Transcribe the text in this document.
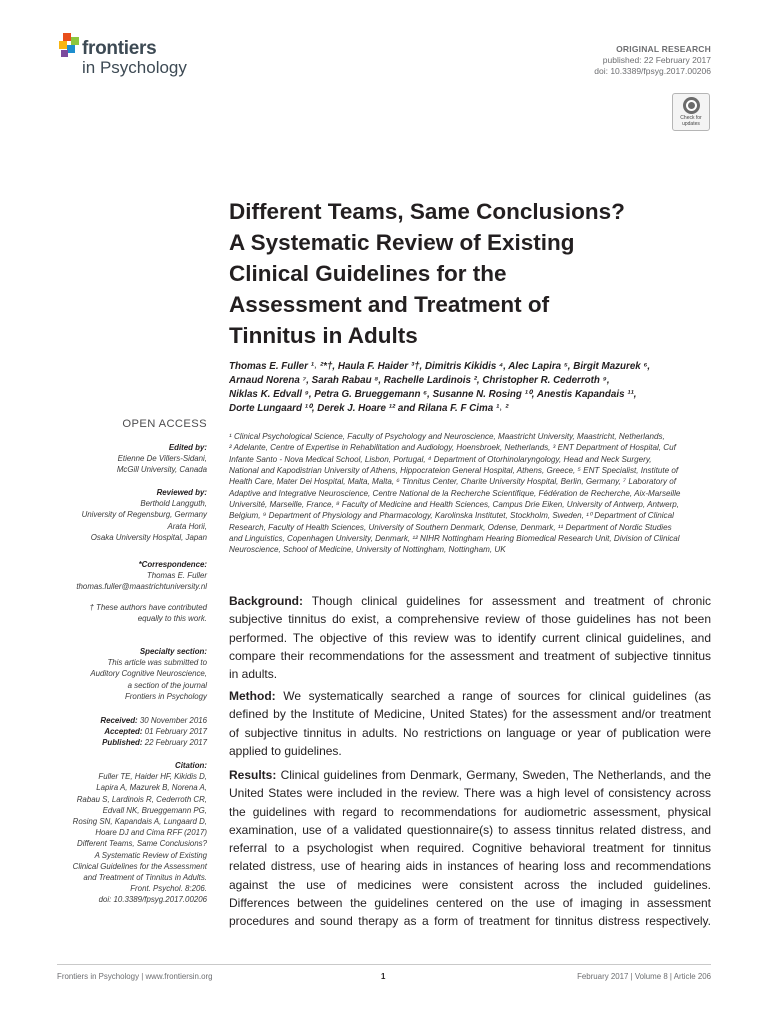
frontiers
in Psychology
ORIGINAL RESEARCH
published: 22 February 2017
doi: 10.3389/fpsyg.2017.00206
Check for
updates
Different Teams, Same Conclusions?
A Systematic Review of Existing
Clinical Guidelines for the
Assessment and Treatment of
Tinnitus in Adults
Thomas E. Fuller ¹˒ ²*†, Haula F. Haider ³†, Dimitris Kikidis ⁴, Alec Lapira ⁵, Birgit Mazurek ⁶,
Arnaud Norena ⁷, Sarah Rabau ⁸, Rachelle Lardinois ², Christopher R. Cederroth ⁹,
Niklas K. Edvall ⁹, Petra G. Brueggemann ⁶, Susanne N. Rosing ¹⁰, Anestis Kapandais ¹¹,
Dorte Lungaard ¹⁰, Derek J. Hoare ¹² and Rilana F. F Cima ¹˒ ²
¹ Clinical Psychological Science, Faculty of Psychology and Neuroscience, Maastricht University, Maastricht, Netherlands,
² Adelante, Centre of Expertise in Rehabilitation and Audiology, Hoensbroek, Netherlands, ³ ENT Department of Hospital, Cuf
Infante Santo - Nova Medical School, Lisbon, Portugal, ⁴ Department of Otorhinolaryngology, Head and Neck Surgery,
National and Kapodistrian University of Athens, Hippocrateion General Hospital, Athens, Greece, ⁵ ENT Specialist, Institute of
Health Care, Mater Dei Hospital, Malta, Malta, ⁶ Tinnitus Center, Charite University Hospital, Berlin, Germany, ⁷ Laboratory of
Adaptive and Integrative Neuroscience, Centre National de la Recherche Scientifique, Fédération de Recherche, Aix-Marseille
Université, Marseille, France, ⁸ Faculty of Medicine and Health Sciences, Campus Drie Eiken, University of Antwerp, Antwerp,
Belgium, ⁹ Department of Physiology and Pharmacology, Karolinska Institutet, Stockholm, Sweden, ¹⁰ Department of Clinical
Research, Faculty of Health Sciences, University of Southern Denmark, Odense, Denmark, ¹¹ Department of Nordic Studies
and Linguistics, Copenhagen University, Denmark, ¹² NIHR Nottingham Hearing Biomedical Research Unit, Division of Clinical
Neuroscience, School of Medicine, University of Nottingham, Nottingham, UK
OPEN ACCESS
Edited by:
Etienne De Villers-Sidani,
McGill University, Canada
Reviewed by:
Berthold Langguth,
University of Regensburg, Germany
Arata Horii,
Osaka University Hospital, Japan
*Correspondence:
Thomas E. Fuller
thomas.fuller@maastrichtuniversity.nl
† These authors have contributed
equally to this work.
Specialty section:
This article was submitted to
Auditory Cognitive Neuroscience,
a section of the journal
Frontiers in Psychology
Received: 30 November 2016
Accepted: 01 February 2017
Published: 22 February 2017
Citation:
Fuller TE, Haider HF, Kikidis D,
Lapira A, Mazurek B, Norena A,
Rabau S, Lardinois R, Cederroth CR,
Edvall NK, Brueggemann PG,
Rosing SN, Kapandais A, Lungaard D,
Hoare DJ and Cima RFF (2017)
Different Teams, Same Conclusions?
A Systematic Review of Existing
Clinical Guidelines for the Assessment
and Treatment of Tinnitus in Adults.
Front. Psychol. 8:206.
doi: 10.3389/fpsyg.2017.00206
Background: Though clinical guidelines for assessment and treatment of chronic
subjective tinnitus do exist, a comprehensive review of those guidelines has not been
performed. The objective of this review was to identify current clinical guidelines, and
compare their recommendations for the assessment and treatment of subjective tinnitus
in adults.
Method: We systematically searched a range of sources for clinical guidelines (as
defined by the Institute of Medicine, United States) for the assessment and/or treatment
of subjective tinnitus in adults. No restrictions on language or year of publication were
applied to guidelines.
Results: Clinical guidelines from Denmark, Germany, Sweden, The Netherlands, and the
United States were included in the review. There was a high level of consistency across
the guidelines with regard to recommendations for audiometric assessment, physical
examination, use of a validated questionnaire(s) to assess tinnitus related distress, and
referral to a psychologist when required. Cognitive behavioral treatment for tinnitus
related distress, use of hearing aids in instances of hearing loss and recommendations
against the use of medicines were consistent across the included guidelines.
Differences between the guidelines centered on the use of imaging in assessment
procedures and sound therapy as a form of treatment for tinnitus distress respectively.
Frontiers in Psychology | www.frontiersin.org	1	February 2017 | Volume 8 | Article 206
